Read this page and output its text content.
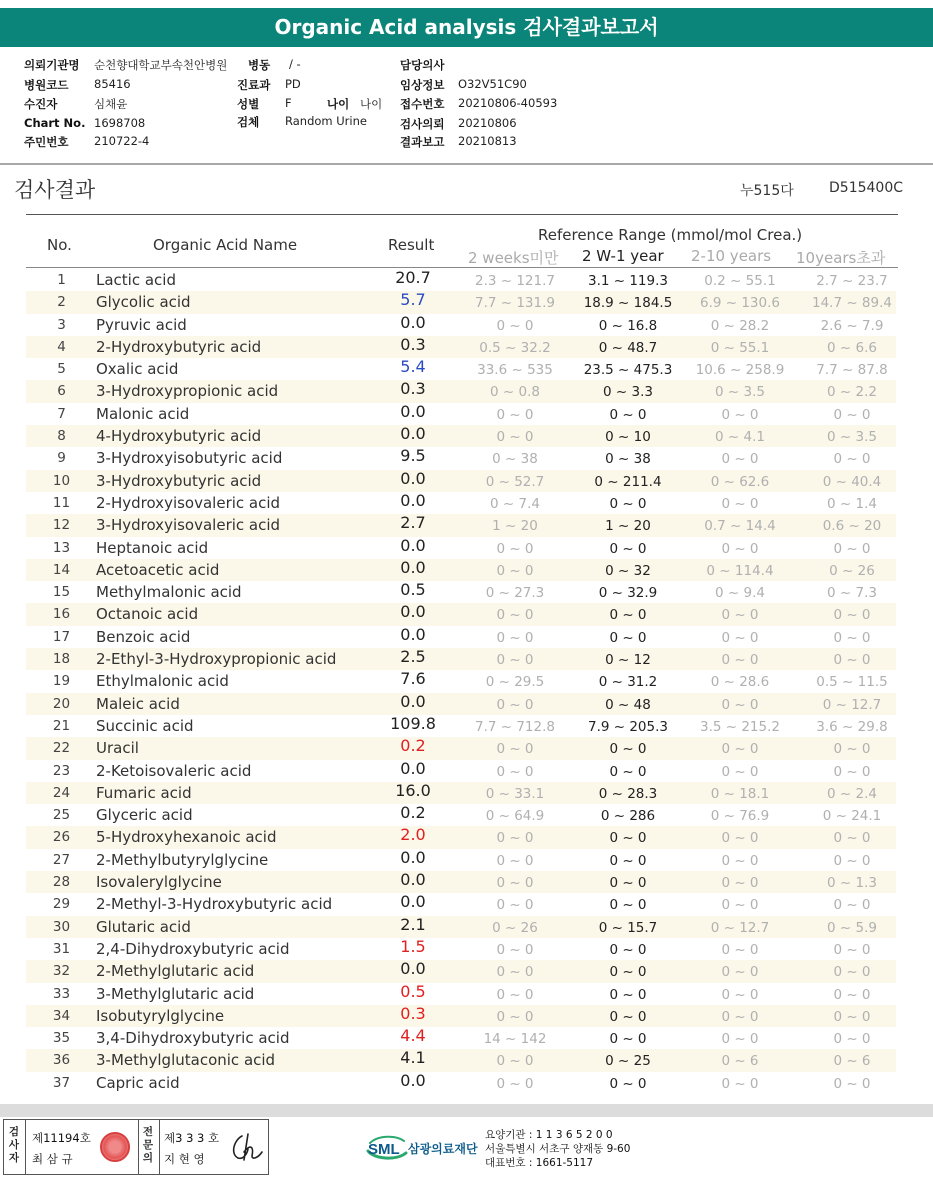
Organic Acid analysis 검사결과보고서
의뢰기관명 순천향대학교부속천안병원 병동 / -	담당의사
병원코드 85416	진료과 PD	임상정보 O32V51C90
수진자	심채윤	성별 F	나이 나이 접수번호 20210806-40593
Chart No. 1698708	검체 Random Urine	검사의뢰 20210806
주민번호 210722-4	결과보고 20210813
검사결과	누515다	D515400C
No.	Organic Acid Name	Result
Reference Range (mmol/mol Crea.)
2 weeks미만 2 W-1 year 2-10 years 10years초과
1	Lactic acid	20.7	2.3 ~ 121.7	3.1 ~ 119.3	0.2 ~ 55.1	2.7 ~ 23.7
2	Glycolic acid	5.7	7.7 ~ 131.9	18.9 ~ 184.5	6.9 ~ 130.6	14.7 ~ 89.4
3	Pyruvic acid	0.0	0 ~ 0	0 ~ 16.8	0 ~ 28.2	2.6 ~ 7.9
4	2-Hydroxybutyric acid	0.3	0.5 ~ 32.2	0 ~ 48.7	0 ~ 55.1	0 ~ 6.6
5	Oxalic acid	5.4	33.6 ~ 535	23.5 ~ 475.3	10.6 ~ 258.9	7.7 ~ 87.8
6	3-Hydroxypropionic acid	0.3	0 ~ 0.8	0 ~ 3.3	0 ~ 3.5	0 ~ 2.2
7	Malonic acid	0.0	0 ~ 0	0 ~ 0	0 ~ 0	0 ~ 0
8	4-Hydroxybutyric acid	0.0	0 ~ 0	0 ~ 10	0 ~ 4.1	0 ~ 3.5
9	3-Hydroxyisobutyric acid	9.5	0 ~ 38	0 ~ 38	0 ~ 0	0 ~ 0
10	3-Hydroxybutyric acid	0.0	0 ~ 52.7	0 ~ 211.4	0 ~ 62.6	0 ~ 40.4
11	2-Hydroxyisovaleric acid	0.0	0 ~ 7.4	0 ~ 0	0 ~ 0	0 ~ 1.4
12	3-Hydroxyisovaleric acid	2.7	1 ~ 20	1 ~ 20	0.7 ~ 14.4	0.6 ~ 20
13	Heptanoic acid	0.0	0 ~ 0	0 ~ 0	0 ~ 0	0 ~ 0
14	Acetoacetic acid	0.0	0 ~ 0	0 ~ 32	0 ~ 114.4	0 ~ 26
15	Methylmalonic acid	0.5	0 ~ 27.3	0 ~ 32.9	0 ~ 9.4	0 ~ 7.3
16	Octanoic acid	0.0	0 ~ 0	0 ~ 0	0 ~ 0	0 ~ 0
17	Benzoic acid	0.0	0 ~ 0	0 ~ 0	0 ~ 0	0 ~ 0
18	2-Ethyl-3-Hydroxypropionic acid	2.5	0 ~ 0	0 ~ 12	0 ~ 0	0 ~ 0
19	Ethylmalonic acid	7.6	0 ~ 29.5	0 ~ 31.2	0 ~ 28.6	0.5 ~ 11.5
20	Maleic acid	0.0	0 ~ 0	0 ~ 48	0 ~ 0	0 ~ 12.7
21	Succinic acid	109.8	7.7 ~ 712.8	7.9 ~ 205.3	3.5 ~ 215.2	3.6 ~ 29.8
22	Uracil	0.2	0 ~ 0	0 ~ 0	0 ~ 0	0 ~ 0
23	2-Ketoisovaleric acid	0.0	0 ~ 0	0 ~ 0	0 ~ 0	0 ~ 0
24	Fumaric acid	16.0	0 ~ 33.1	0 ~ 28.3	0 ~ 18.1	0 ~ 2.4
25	Glyceric acid	0.2	0 ~ 64.9	0 ~ 286	0 ~ 76.9	0 ~ 24.1
26	5-Hydroxyhexanoic acid	2.0	0 ~ 0	0 ~ 0	0 ~ 0	0 ~ 0
27	2-Methylbutyrylglycine	0.0	0 ~ 0	0 ~ 0	0 ~ 0	0 ~ 0
28	Isovalerylglycine	0.0	0 ~ 0	0 ~ 0	0 ~ 0	0 ~ 1.3
29	2-Methyl-3-Hydroxybutyric acid	0.0	0 ~ 0	0 ~ 0	0 ~ 0	0 ~ 0
30	Glutaric acid	2.1	0 ~ 26	0 ~ 15.7	0 ~ 12.7	0 ~ 5.9
31	2,4-Dihydroxybutyric acid	1.5	0 ~ 0	0 ~ 0	0 ~ 0	0 ~ 0
32	2-Methylglutaric acid	0.0	0 ~ 0	0 ~ 0	0 ~ 0	0 ~ 0
33	3-Methylglutaric acid	0.5	0 ~ 0	0 ~ 0	0 ~ 0	0 ~ 0
34	Isobutyrylglycine	0.3	0 ~ 0	0 ~ 0	0 ~ 0	0 ~ 0
35	3,4-Dihydroxybutyric acid	4.4	14 ~ 142	0 ~ 0	0 ~ 0	0 ~ 0
36	3-Methylglutaconic acid	4.1	0 ~ 0	0 ~ 25	0 ~ 6	0 ~ 6
37	Capric acid	0.0	0 ~ 0	0 ~ 0	0 ~ 0	0 ~ 0
검
사
자
제11194호
최 삼 규
전
문
의
제3 3 3 호
지 현 영
SML 삼광의료재단
요양기관 : 1 1 3 6 5 2 0 0
서울특별시 서초구 양재동 9-60
대표번호 : 1661-5117
